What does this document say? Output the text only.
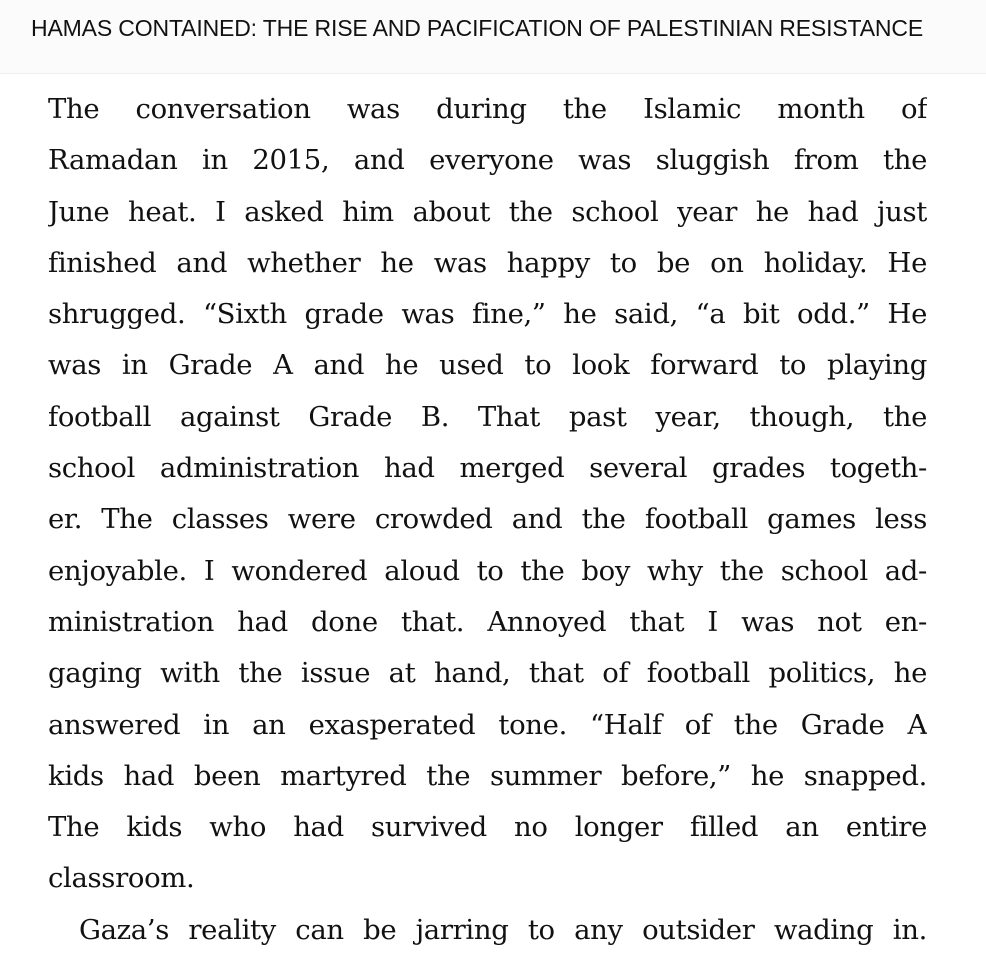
HAMAS CONTAINED: THE RISE AND PACIFICATION OF PALESTINIAN RESISTANCE

The conversation was during the Islamic month of
Ramadan in 2015, and everyone was sluggish from the
June heat. I asked him about the school year he had just
finished and whether he was happy to be on holiday. He
shrugged. “Sixth grade was fine,” he said, “a bit odd.” He
was in Grade A and he used to look forward to playing
football against Grade B. That past year, though, the
school administration had merged several grades togeth-
er. The classes were crowded and the football games less
enjoyable. I wondered aloud to the boy why the school ad-
ministration had done that. Annoyed that I was not en-
gaging with the issue at hand, that of football politics, he
answered in an exasperated tone. “Half of the Grade A
kids had been martyred the summer before,” he snapped.
The kids who had survived no longer filled an entire
classroom.

Gaza’s reality can be jarring to any outsider wading in.
